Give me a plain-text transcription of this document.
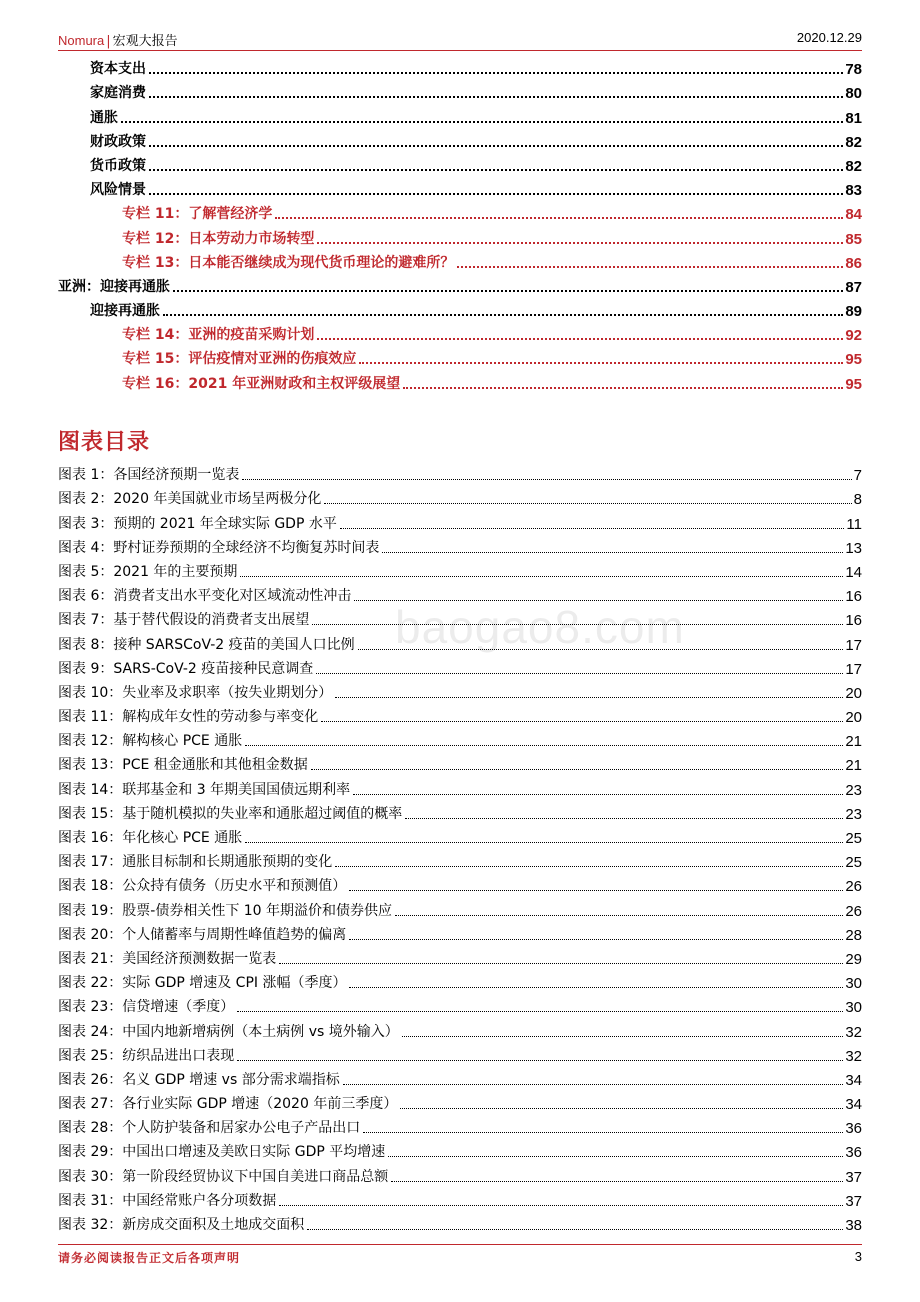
Nomura | 宏观大报告	2020.12.29
资本支出	78
家庭消费	80
通胀	81
财政政策	82
货币政策	82
风险情景	83
专栏 11：了解菅经济学	84
专栏 12：日本劳动力市场转型	85
专栏 13：日本能否继续成为现代货币理论的避难所？	86
亚洲：迎接再通胀	87
迎接再通胀	89
专栏 14：亚洲的疫苗采购计划	92
专栏 15：评估疫情对亚洲的伤痕效应	95
专栏 16：2021 年亚洲财政和主权评级展望	95
图表目录
图表 1：各国经济预期一览表	7
图表 2：2020 年美国就业市场呈两极分化	8
图表 3：预期的 2021 年全球实际 GDP 水平	11
图表 4：野村证券预期的全球经济不均衡复苏时间表	13
图表 5：2021 年的主要预期	14
图表 6：消费者支出水平变化对区域流动性冲击	16
图表 7：基于替代假设的消费者支出展望	16
图表 8：接种 SARSCoV-2 疫苗的美国人口比例	17
图表 9：SARS-CoV-2 疫苗接种民意调查	17
图表 10：失业率及求职率（按失业期划分）	20
图表 11：解构成年女性的劳动参与率变化	20
图表 12：解构核心 PCE 通胀	21
图表 13：PCE 租金通胀和其他租金数据	21
图表 14：联邦基金和 3 年期美国国债远期利率	23
图表 15：基于随机模拟的失业率和通胀超过阈值的概率	23
图表 16：年化核心 PCE 通胀	25
图表 17：通胀目标制和长期通胀预期的变化	25
图表 18：公众持有债务（历史水平和预测值）	26
图表 19：股票-债券相关性下 10 年期溢价和债券供应	26
图表 20：个人储蓄率与周期性峰值趋势的偏离	28
图表 21：美国经济预测数据一览表	29
图表 22：实际 GDP 增速及 CPI 涨幅（季度）	30
图表 23：信贷增速（季度）	30
图表 24：中国内地新增病例（本土病例 vs 境外输入）	32
图表 25：纺织品进出口表现	32
图表 26：名义 GDP 增速 vs 部分需求端指标	34
图表 27：各行业实际 GDP 增速（2020 年前三季度）	34
图表 28：个人防护装备和居家办公电子产品出口	36
图表 29：中国出口增速及美欧日实际 GDP 平均增速	36
图表 30：第一阶段经贸协议下中国自美进口商品总额	37
图表 31：中国经常账户各分项数据	37
图表 32：新房成交面积及土地成交面积	38
baogao8.com
请务必阅读报告正文后各项声明	3
